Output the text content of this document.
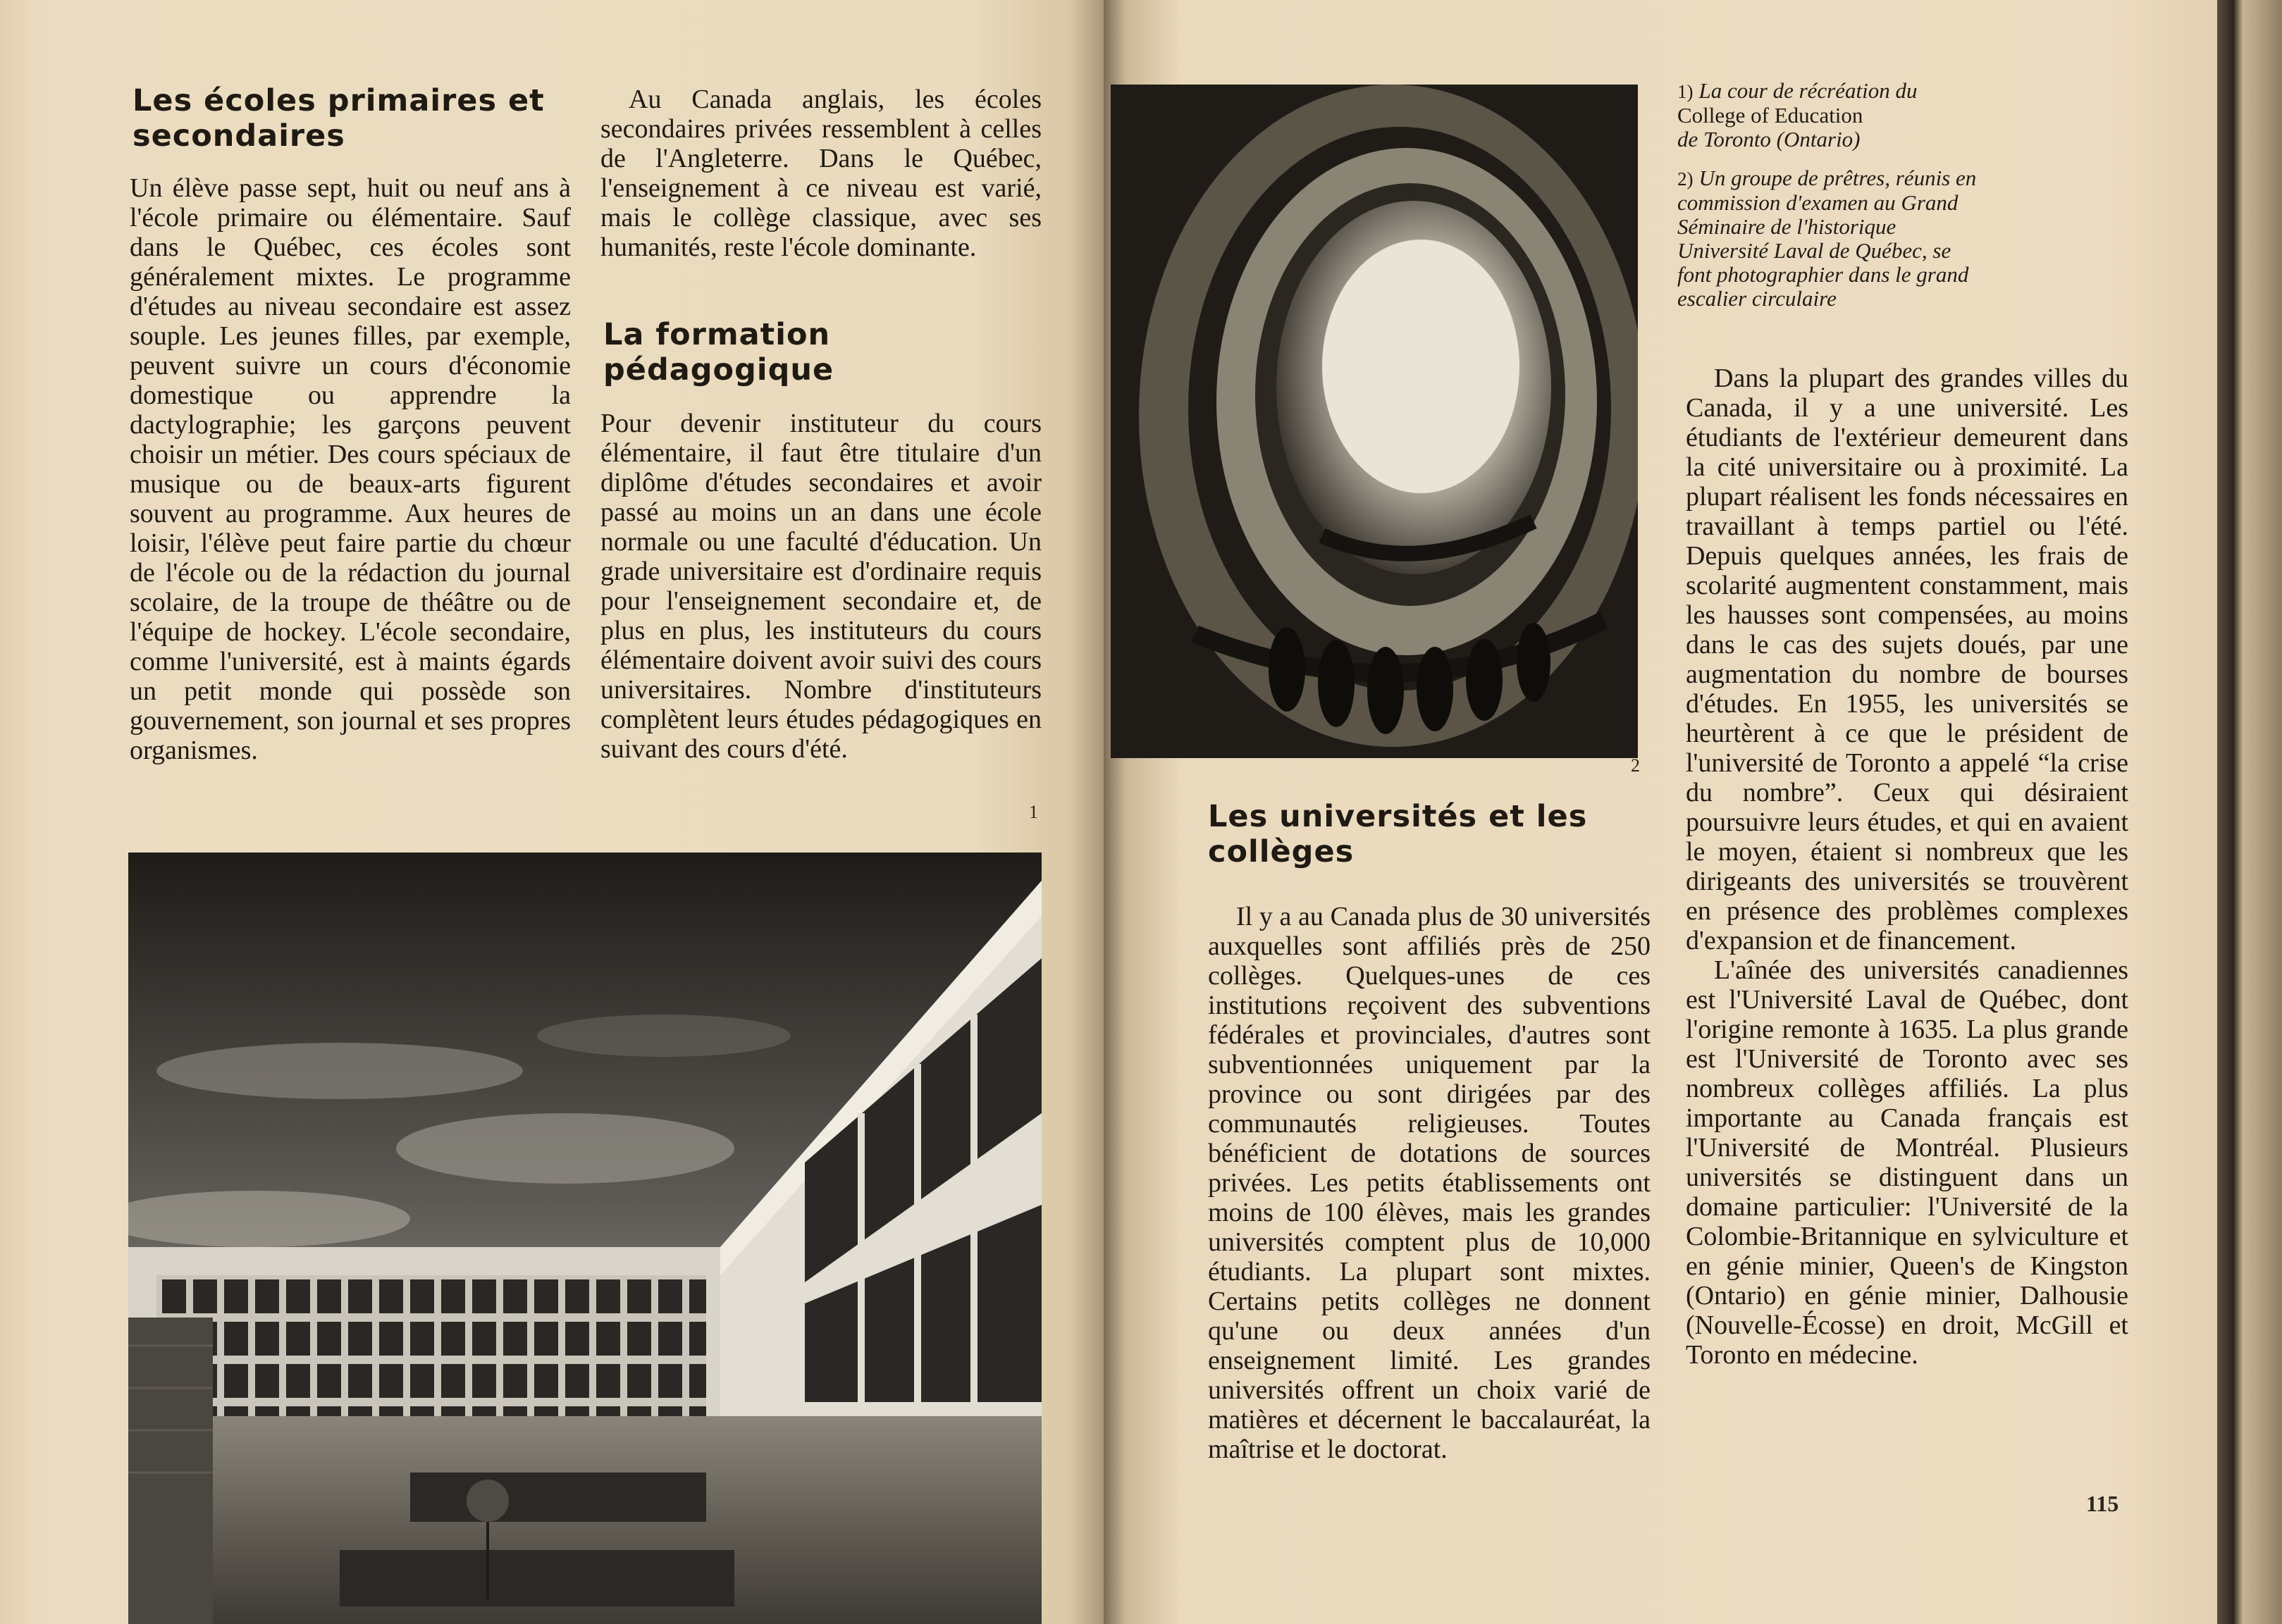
Les écoles primaires et secondaires

Un élève passe sept, huit ou neuf ans à l'école primaire ou élémentaire. Sauf dans le Québec, ces écoles sont généralement mixtes. Le programme d'études au niveau secondaire est assez souple. Les jeunes filles, par exemple, peuvent suivre un cours d'économie domestique ou apprendre la dactylographie; les garçons peuvent choisir un métier. Des cours spéciaux de musique ou de beaux-arts figurent souvent au programme. Aux heures de loisir, l'élève peut faire partie du chœur de l'école ou de la rédaction du journal scolaire, de la troupe de théâtre ou de l'équipe de hockey. L'école secondaire, comme l'université, est à maints égards un petit monde qui possède son gouvernement, son journal et ses propres organismes.

Au Canada anglais, les écoles secondaires privées ressemblent à celles de l'Angleterre. Dans le Québec, l'enseignement à ce niveau est varié, mais le collège classique, avec ses humanités, reste l'école dominante.

La formation pédagogique

Pour devenir instituteur du cours élémentaire, il faut être titulaire d'un diplôme d'études secondaires et avoir passé au moins un an dans une école normale ou une faculté d'éducation. Un grade universitaire est d'ordinaire requis pour l'enseignement secondaire et, de plus en plus, les instituteurs du cours élémentaire doivent avoir suivi des cours universitaires. Nombre d'instituteurs complètent leurs études pédagogiques en suivant des cours d'été.

1
2
1) La cour de récréation du
College of Education
de Toronto (Ontario)
2) Un groupe de prêtres, réunis en commission d'examen au Grand Séminaire de l'historique Université Laval de Québec, se font photographier dans le grand escalier circulaire
Les universités et les collèges

Il y a au Canada plus de 30 universités auxquelles sont affiliés près de 250 collèges. Quelques-unes de ces institutions reçoivent des subventions fédérales et provinciales, d'autres sont subventionnées uniquement par la province ou sont dirigées par des communautés religieuses. Toutes bénéficient de dotations de sources privées. Les petits établissements ont moins de 100 élèves, mais les grandes universités comptent plus de 10,000 étudiants. La plupart sont mixtes. Certains petits collèges ne donnent qu'une ou deux années d'un enseignement limité. Les grandes universités offrent un choix varié de matières et décernent le baccalauréat, la maîtrise et le doctorat.

Dans la plupart des grandes villes du Canada, il y a une université. Les étudiants de l'extérieur demeurent dans la cité universitaire ou à proximité. La plupart réalisent les fonds nécessaires en travaillant à temps partiel ou l'été. Depuis quelques années, les frais de scolarité augmentent constamment, mais les hausses sont compensées, au moins dans le cas des sujets doués, par une augmentation du nombre de bourses d'études. En 1955, les universités se heurtèrent à ce que le président de l'université de Toronto a appelé “la crise du nombre”. Ceux qui désiraient poursuivre leurs études, et qui en avaient le moyen, étaient si nombreux que les dirigeants des universités se trouvèrent en présence des problèmes complexes d'expansion et de financement.

L'aînée des universités canadiennes est l'Université Laval de Québec, dont l'origine remonte à 1635. La plus grande est l'Université de Toronto avec ses nombreux collèges affiliés. La plus importante au Canada français est l'Université de Montréal. Plusieurs universités se distinguent dans un domaine particulier: l'Université de la Colombie-Britannique en sylviculture et en génie minier, Queen's de Kingston (Ontario) en génie minier, Dalhousie (Nouvelle-Écosse) en droit, McGill et Toronto en médecine.

115
